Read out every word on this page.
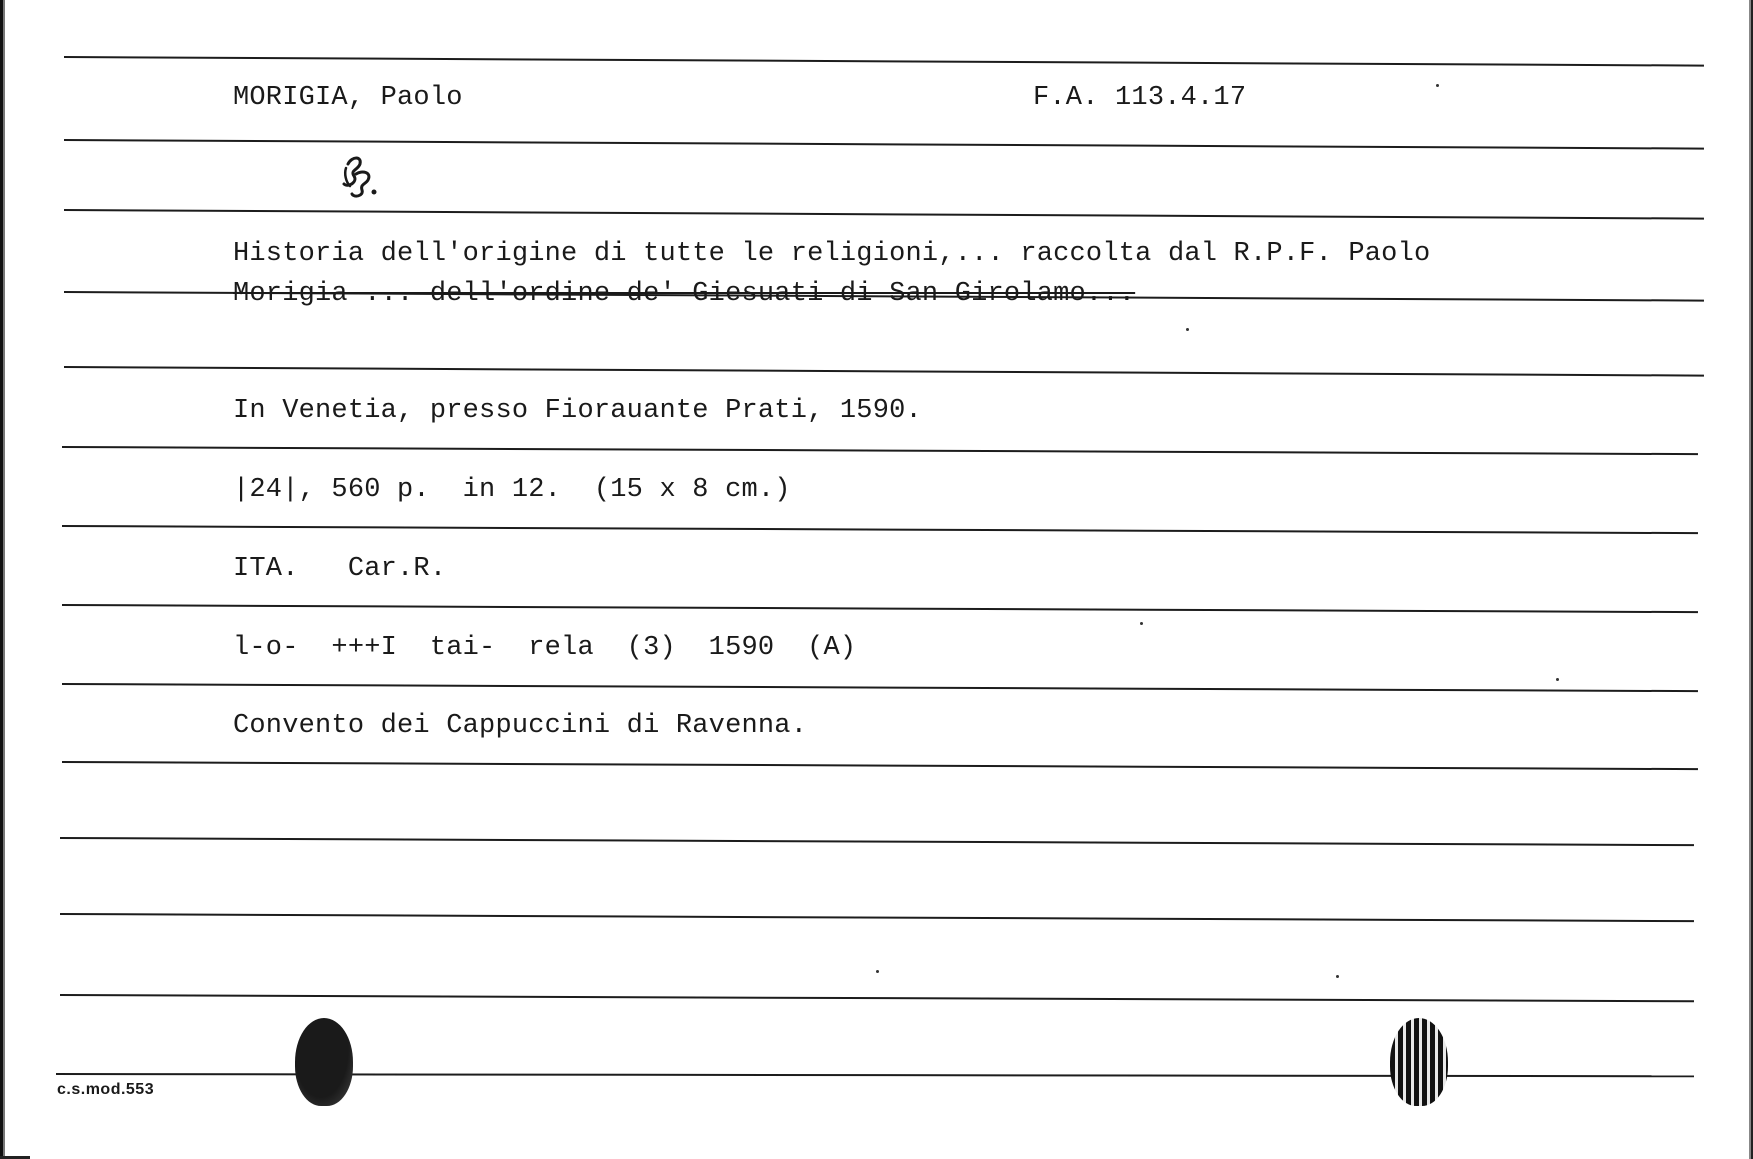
MORIGIA, Paolo	F.A. 113.4.17
Historia dell'origine di tutte le religioni,... raccolta dal R.P.F. Paolo
Morigia ... dell'ordine de' Giesuati di San Girolamo...
In Venetia, presso Fiorauante Prati, 1590.
|24|, 560 p.  in 12.  (15 x 8 cm.)
ITA.   Car.R.
l-o-  +++I  tai-  rela  (3)  1590  (A)
Convento dei Cappuccini di Ravenna.
c.s.mod.553
